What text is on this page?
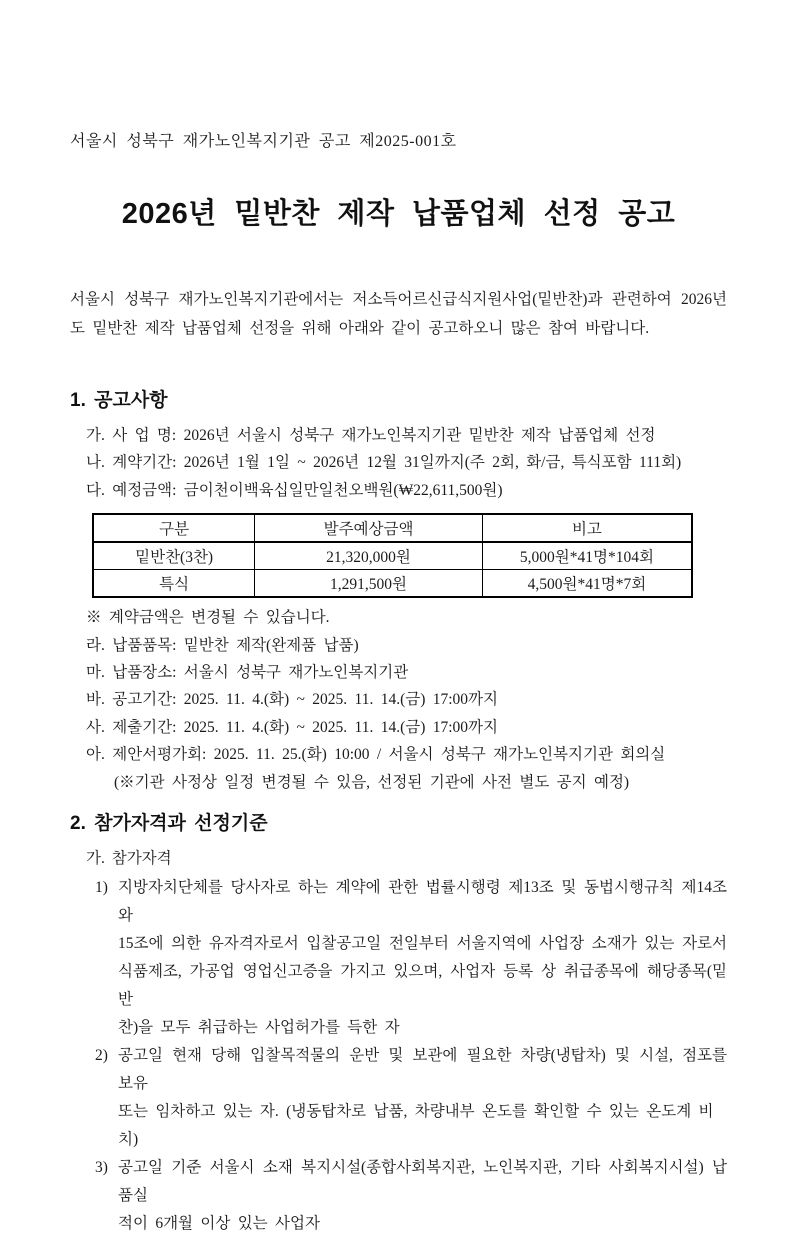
서울시 성북구 재가노인복지기관 공고 제2025-001호

2026년 밑반찬 제작 납품업체 선정 공고
서울시 성북구 재가노인복지기관에서는 저소득어르신급식지원사업(밑반찬)과 관련하여 2026년
도 밑반찬 제작 납품업체 선정을 위해 아래와 같이 공고하오니 많은 참여 바랍니다.
1. 공고사항

가. 사 업 명: 2026년 서울시 성북구 재가노인복지기관 밑반찬 제작 납품업체 선정

나. 계약기간: 2026년 1월 1일 ~ 2026년 12월 31일까지(주 2회, 화/금, 특식포함 111회)

다. 예정금액: 금이천이백육십일만일천오백원(₩22,611,500원)

구분	발주예상금액	비고
밑반찬(3찬)	21,320,000원	5,000원*41명*104회
특식	1,291,500원	4,500원*41명*7회

※ 계약금액은 변경될 수 있습니다.

라. 납품품목: 밑반찬 제작(완제품 납품)

마. 납품장소: 서울시 성북구 재가노인복지기관

바. 공고기간: 2025. 11. 4.(화) ~ 2025. 11. 14.(금) 17:00까지

사. 제출기간: 2025. 11. 4.(화) ~ 2025. 11. 14.(금) 17:00까지

아. 제안서평가회: 2025. 11. 25.(화) 10:00 / 서울시 성북구 재가노인복지기관 회의실

(※기관 사정상 일정 변경될 수 있음, 선정된 기관에 사전 별도 공지 예정)

2. 참가자격과 선정기준

가. 참가자격

1) 지방자치단체를 당사자로 하는 계약에 관한 법률시행령 제13조 및 동법시행규칙 제14조와

15조에 의한 유자격자로서 입찰공고일 전일부터 서울지역에 사업장 소재가 있는 자로서

식품제조, 가공업 영업신고증을 가지고 있으며, 사업자 등록 상 취급종목에 해당종목(밑반

찬)을 모두 취급하는 사업허가를 득한 자

2) 공고일 현재 당해 입찰목적물의 운반 및 보관에 필요한 차량(냉탑차) 및 시설, 점포를 보유

또는 임차하고 있는 자. (냉동탑차로 납품, 차량내부 온도를 확인할 수 있는 온도계 비치)

3) 공고일 기준 서울시 소재 복지시설(종합사회복지관, 노인복지관, 기타 사회복지시설) 납품실

적이 6개월 이상 있는 사업자
